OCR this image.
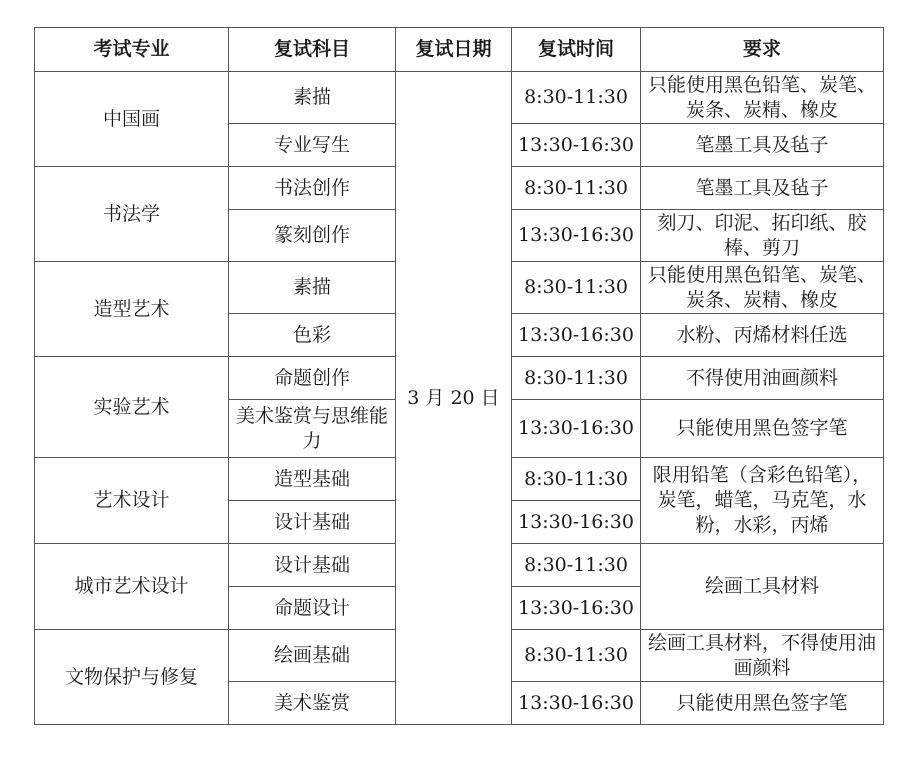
考试专业	复试科目	复试日期	复试时间	要求
中国画	素描	3 月 20 日	8:30-11:30	只能使用黑色铅笔、炭笔、炭条、炭精、橡皮
	专业写生		13:30-16:30	笔墨工具及毡子
书法学	书法创作		8:30-11:30	笔墨工具及毡子
	篆刻创作		13:30-16:30	刻刀、印泥、拓印纸、胶棒、剪刀
造型艺术	素描		8:30-11:30	只能使用黑色铅笔、炭笔、炭条、炭精、橡皮
	色彩		13:30-16:30	水粉、丙烯材料任选
实验艺术	命题创作		8:30-11:30	不得使用油画颜料
	美术鉴赏与思维能力		13:30-16:30	只能使用黑色签字笔
艺术设计	造型基础		8:30-11:30	限用铅笔（含彩色铅笔），炭笔，蜡笔，马克笔，水粉，水彩，丙烯
	设计基础		13:30-16:30	
城市艺术设计	设计基础		8:30-11:30	绘画工具材料
	命题设计		13:30-16:30	
文物保护与修复	绘画基础		8:30-11:30	绘画工具材料，不得使用油画颜料
	美术鉴赏		13:30-16:30	只能使用黑色签字笔
